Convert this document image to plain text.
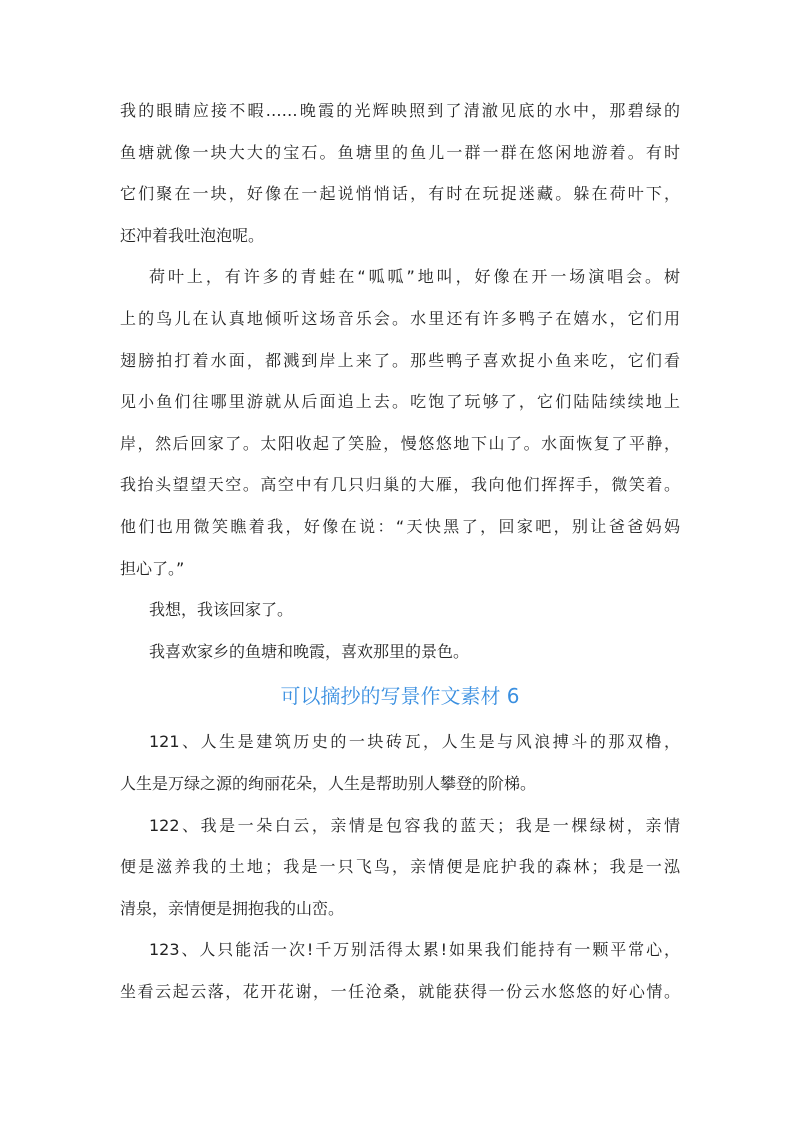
我的眼睛应接不暇……晚霞的光辉映照到了清澈见底的水中，那碧绿的
鱼塘就像一块大大的宝石。鱼塘里的鱼儿一群一群在悠闲地游着。有时
它们聚在一块，好像在一起说悄悄话，有时在玩捉迷藏。躲在荷叶下，
还冲着我吐泡泡呢。
荷叶上，有许多的青蛙在“呱呱”地叫，好像在开一场演唱会。树
上的鸟儿在认真地倾听这场音乐会。水里还有许多鸭子在嬉水，它们用
翅膀拍打着水面，都溅到岸上来了。那些鸭子喜欢捉小鱼来吃，它们看
见小鱼们往哪里游就从后面追上去。吃饱了玩够了，它们陆陆续续地上
岸，然后回家了。太阳收起了笑脸，慢悠悠地下山了。水面恢复了平静，
我抬头望望天空。高空中有几只归巢的大雁，我向他们挥挥手，微笑着。
他们也用微笑瞧着我，好像在说：“天快黑了，回家吧，别让爸爸妈妈
担心了。”
我想，我该回家了。
我喜欢家乡的鱼塘和晚霞，喜欢那里的景色。
可以摘抄的写景作文素材 6
121、人生是建筑历史的一块砖瓦，人生是与风浪搏斗的那双橹，
人生是万绿之源的绚丽花朵，人生是帮助别人攀登的阶梯。
122、我是一朵白云，亲情是包容我的蓝天；我是一棵绿树，亲情
便是滋养我的土地；我是一只飞鸟，亲情便是庇护我的森林；我是一泓
清泉，亲情便是拥抱我的山峦。
123、人只能活一次!千万别活得太累!如果我们能持有一颗平常心，
坐看云起云落，花开花谢，一任沧桑，就能获得一份云水悠悠的好心情。
